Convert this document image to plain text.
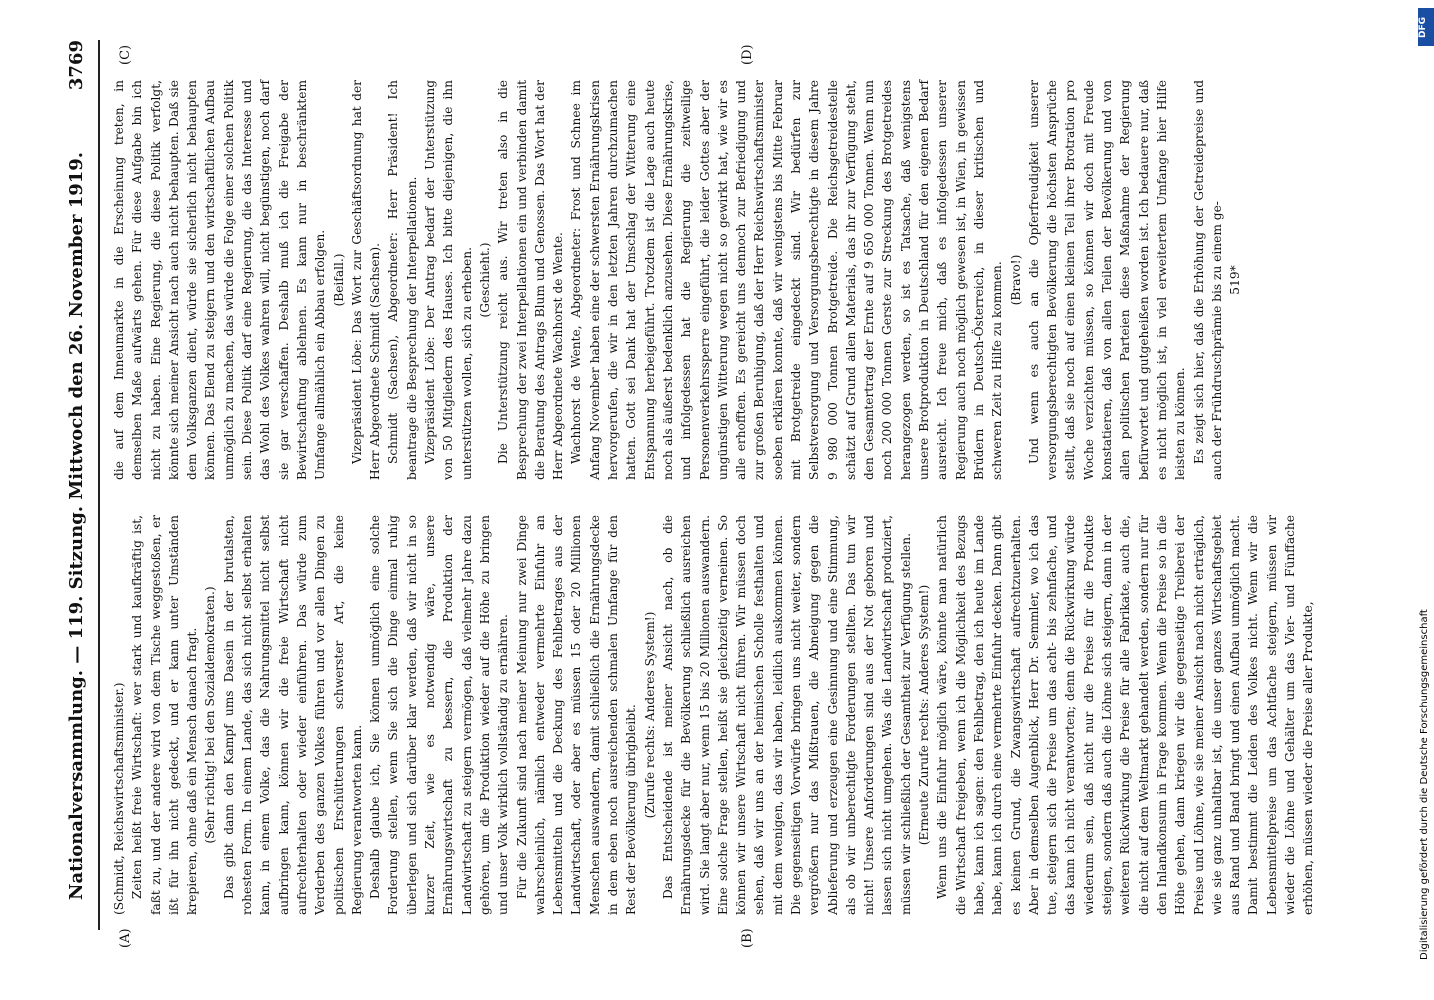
Nationalversammlung. — 119. Sitzung. Mittwoch den 26. November 1919.
3769
(A)	(B)
(C)	(D)

(Schmidt, Reichswirtschaftsminister.) Zeiten heißt freie Wirtschaft: wer stark und kaufkräftig ist, faßt zu, und der andere wird von dem Tische weggestoßen, er ißt für ihn nicht gedeckt, und er kann unter Umständen krepieren, ohne daß ein Mensch danach fragt. (Sehr richtig! bei den Sozialdemokraten.) Das gibt dann den Kampf ums Dasein in der brutalsten, rohesten Form. In einem Lande, das sich nicht selbst erhalten kann, in einem Volke, das die Nahrungsmittel nicht selbst aufbringen kann, können wir die freie Wirtschaft nicht aufrechterhalten oder wieder einführen. Das würde zum Verderben des ganzen Volkes führen und vor allen Dingen zu politischen Erschütterungen schwerster Art, die keine Regierung verantworten kann. Deshalb glaube ich, Sie können unmöglich eine solche Forderung stellen, wenn Sie sich die Dinge einmal ruhig überlegen und sich darüber klar werden, daß wir nicht in so kurzer Zeit, wie es notwendig wäre, unsere Ernährungswirtschaft zu bessern, die Produktion der Landwirtschaft zu steigern vermögen, daß vielmehr Jahre dazu gehören, um die Produktion wieder auf die Höhe zu bringen und unser Volk wirklich vollständig zu ernähren. Für die Zukunft sind nach meiner Meinung nur zwei Dinge wahrscheinlich, nämlich entweder vermehrte Einfuhr an Lebensmitteln und die Deckung des Fehlbetrages aus der Landwirtschaft, oder aber es müssen 15 oder 20 Millionen Menschen auswandern, damit schließlich die Ernährungsdecke in dem eben noch ausreichenden schmalen Umfange für den Rest der Bevölkerung übrigbleibt. (Zurufe rechts: Anderes System!) Das Entscheidende ist meiner Ansicht nach, ob die Ernährungsdecke für die Bevölkerung schließlich ausreichen wird. Sie langt aber nur, wenn 15 bis 20 Millionen auswandern. Eine solche Frage stellen, heißt sie gleichzeitig verneinen. So können wir unsere Wirtschaft nicht führen. Wir müssen doch sehen, daß wir uns an der heimischen Scholle festhalten und mit dem wenigen, das wir haben, leidlich auskommen können. Die gegenseitigen Vorwürfe bringen uns nicht weiter, sondern vergrößern nur das Mißtrauen, die Abneigung gegen die Ablieferung und erzeugen eine Gesinnung und eine Stimmung, als ob wir unberechtigte Forderungen stellten. Das tun wir nicht! Unsere Anforderungen sind aus der Not geboren und lassen sich nicht umgehen. Was die Landwirtschaft produziert, müssen wir schließlich der Gesamtheit zur Verfügung stellen. (Erneute Zurufe rechts: Anderes System!) Wenn uns die Einfuhr möglich wäre, könnte man natürlich die Wirtschaft freigeben, wenn ich die Möglichkeit des Bezugs habe, kann ich sagen: den Fehlbetrag, den ich heute im Lande habe, kann ich durch eine vermehrte Einfuhr decken. Dann gibt es keinen Grund, die Zwangswirtschaft aufrechtzuerhalten. Aber in demselben Augenblick, Herr Dr. Semmler, wo ich das tue, steigern sich die Preise um das acht- bis zehnfache, und das kann ich nicht verantworten; denn die Rückwirkung würde wiederum sein, daß nicht nur die Preise für die Produkte steigen, sondern daß auch die Löhne sich steigern, dann in der weiteren Rückwirkung die Preise für alle Fabrikate, auch die, die nicht auf dem Weltmarkt gehandelt werden, sondern nur für den Inlandkonsum in Frage kommen. Wenn die Preise so in die Höhe gehen, dann kriegen wir die gegenseitige Treiberei der Preise und Löhne, wie sie meiner Ansicht nach nicht erträglich, wie sie ganz unhaltbar ist, die unser ganzes Wirtschaftsgebiet aus Rand und Band bringt und einen Aufbau unmöglich macht. Damit bestimmt die Leiden des Volkes nicht. Wenn wir die Lebensmittelpreise um das Achtfache steigern, müssen wir wieder die Löhne und Gehälter um das Vier- und Fünffache erhöhen, müssen wieder die Preise aller Produkte,

die auf dem Inneumarkte in die Erscheinung treten, in demselben Maße aufwärts gehen. Für diese Aufgabe bin ich nicht zu haben. Eine Regierung, die diese Politik verfolgt, könnte sich meiner Ansicht nach auch nicht behaupten. Daß sie dem Volksganzen dient, würde sie sicherlich nicht behaupten können. Das Elend zu steigern und den wirtschaftlichen Aufbau unmöglich zu machen, das würde die Folge einer solchen Politik sein. Diese Politik darf eine Regierung, die das Interesse und das Wohl des Volkes wahren will, nicht begünstigen, noch darf sie gar verschaffen. Deshalb muß ich die Freigabe der Bewirtschaftung ablehnen. Es kann nur in beschränktem Umfange allmählich ein Abbau erfolgen. (Beifall.) Vizepräsident Löbe: Das Wort zur Geschäftsordnung hat der Herr Abgeordnete Schmidt (Sachsen). Schmidt (Sachsen), Abgeordneter: Herr Präsident! Ich beantrage die Besprechung der Interpellationen. Vizepräsident Löbe: Der Antrag bedarf der Unterstützung von 50 Mitgliedern des Hauses. Ich bitte diejenigen, die ihn unterstützen wollen, sich zu erheben. (Geschieht.) Die Unterstützung reicht aus. Wir treten also in die Besprechung der zwei Interpellationen ein und verbinden damit die Beratung des Antrags Blum und Genossen. Das Wort hat der Herr Abgeordnete Wachhorst de Wente. Wachhorst de Wente, Abgeordneter: Frost und Schnee im Anfang November haben eine der schwersten Ernährungskrisen hervorgerufen, die wir in den letzten Jahren durchzumachen hatten. Gott sei Dank hat der Umschlag der Witterung eine Entspannung herbeigeführt. Trotzdem ist die Lage auch heute noch als äußerst bedenklich anzusehen. Diese Ernährungskrise, und infolgedessen hat die Regierung die zeitweilige Personenverkehrssperre eingeführt, die leider Gottes aber der ungünstigen Witterung wegen nicht so gewirkt hat, wie wir es alle erhofften. Es gereicht uns dennoch zur Befriedigung und zur großen Beruhigung, daß der Herr Reichswirtschaftsminister soeben erklären konnte, daß wir wenigstens bis Mitte Februar mit Brotgetreide eingedeckt sind. Wir bedürfen zur Selbstversorgung und Versorgungsberechtigte in diesem Jahre 9 980 000 Tonnen Brotgetreide. Die Reichsgetreidestelle schätzt auf Grund allen Materials, das ihr zur Verfügung steht, den Gesamtertrag der Ernte auf 9 650 000 Tonnen. Wenn nun noch 200 000 Tonnen Gerste zur Streckung des Brotgetreides herangezogen werden, so ist es Tatsache, daß wenigstens unsere Brotproduktion in Deutschland für den eigenen Bedarf ausreicht. Ich freue mich, daß es infolgedessen unserer Regierung auch noch möglich gewesen ist, in Wien, in gewissen Brüdern in Deutsch-Österreich, in dieser kritischen und schweren Zeit zu Hilfe zu kommen. (Bravo!) Und wenn es auch an die Opferfreudigkeit unserer versorgungsberechtigten Bevölkerung die höchsten Ansprüche stellt, daß sie noch auf einen kleinen Teil ihrer Brotration pro Woche verzichten müssen, so können wir doch mit Freude konstatieren, daß von allen Teilen der Bevölkerung und von allen politischen Parteien diese Maßnahme der Regierung befürwortet und gutgeheißen worden ist. Ich bedauere nur, daß es nicht möglich ist, in viel erweitertem Umfange hier Hilfe leisten zu können. Es zeigt sich hier, daß die Erhöhung der Getreidepreise und auch der Frühdruschprämie bis zu einem ge- 519*

Digitalisierung gefördert durch die Deutsche Forschungsgemeinschaft
DFG
